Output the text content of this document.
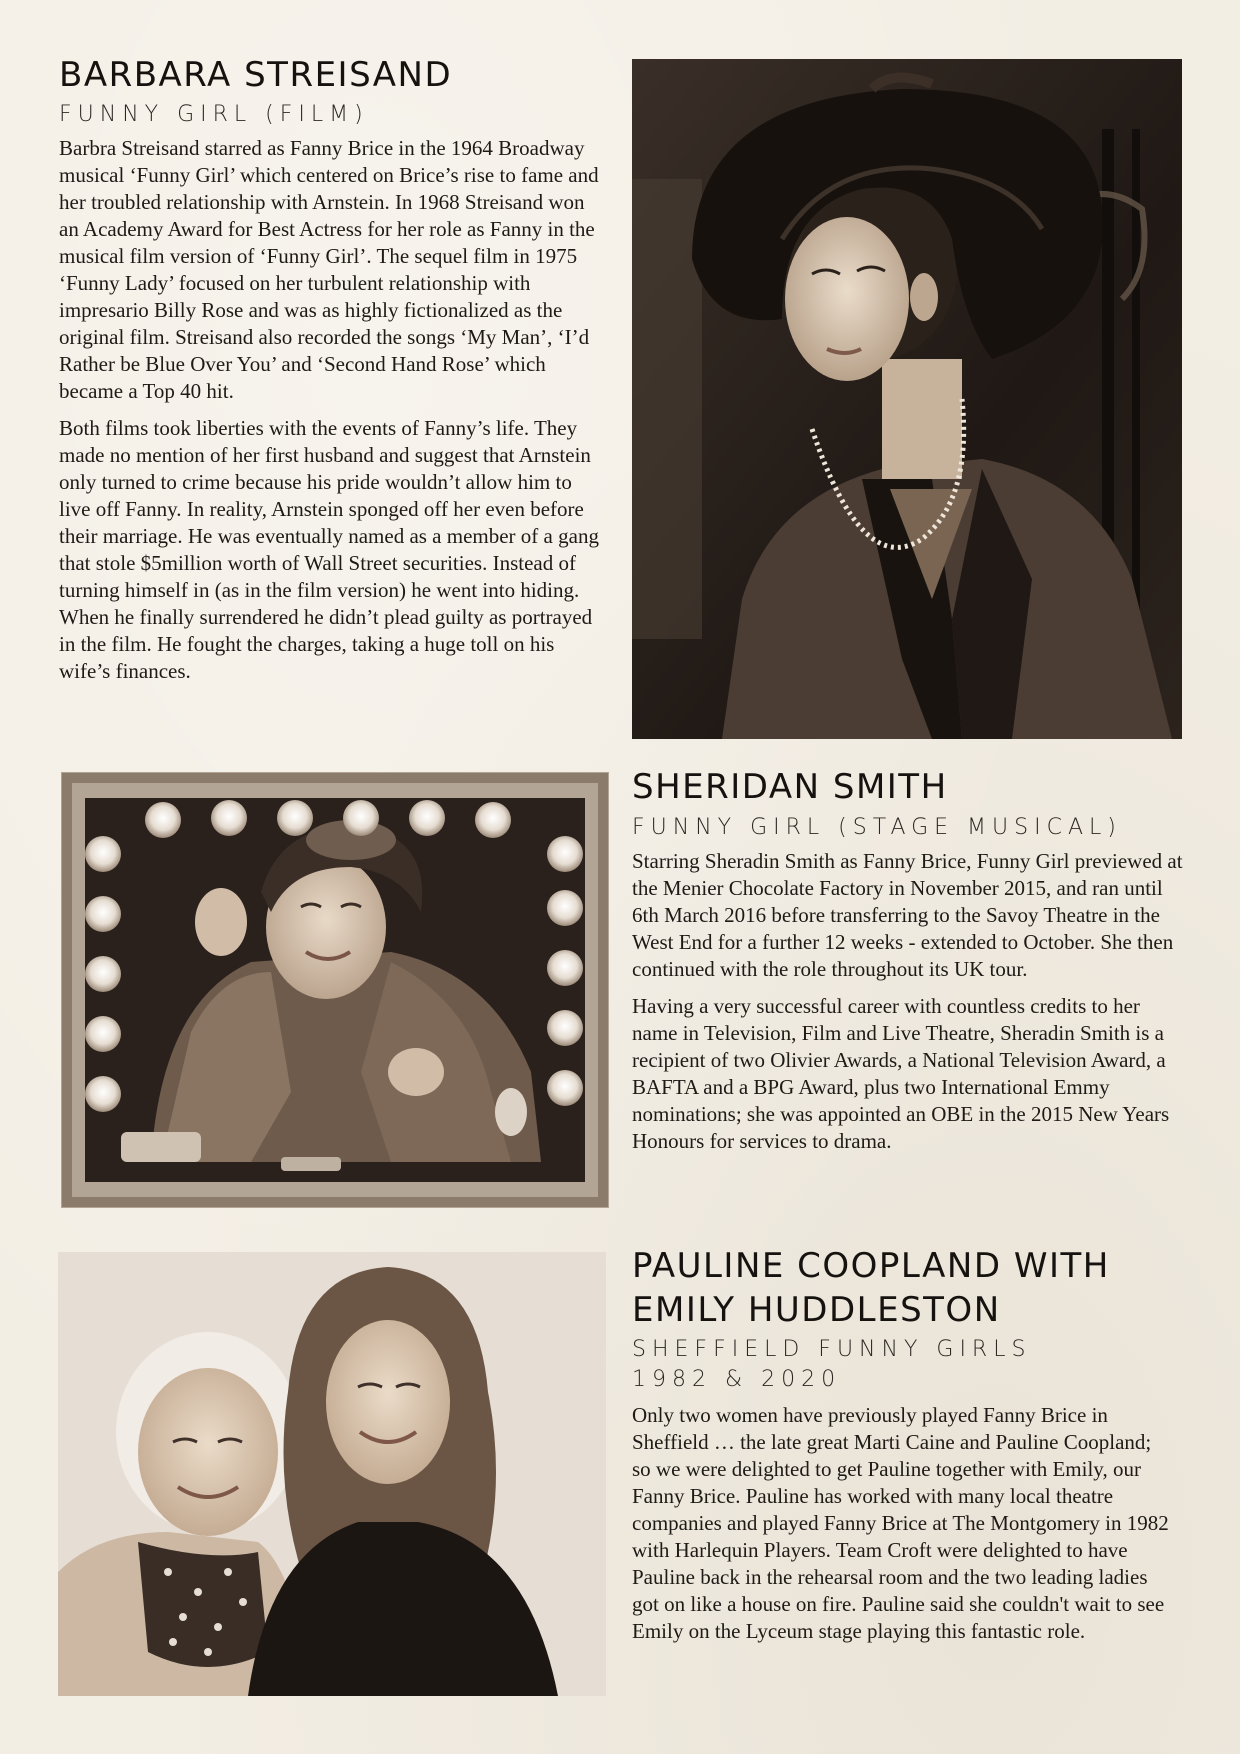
BARBARA STREISAND
FUNNY GIRL (FILM)

Barbra Streisand starred as Fanny Brice in the 1964 Broadway musical ‘Funny Girl’ which centered on Brice’s rise to fame and her troubled relationship with Arnstein. In 1968 Streisand won an Academy Award for Best Actress for her role as Fanny in the musical film version of ‘Funny Girl’. The sequel film in 1975 ‘Funny Lady’ focused on her turbulent relationship with impresario Billy Rose and was as highly fictionalized as the original film. Streisand also recorded the songs ‘My Man’, ‘I’d Rather be Blue Over You’ and ‘Second Hand Rose’ which became a Top 40 hit.

Both films took liberties with the events of Fanny’s life. They made no mention of her first husband and suggest that Arnstein only turned to crime because his pride wouldn’t allow him to live off Fanny. In reality, Arnstein sponged off her even before their marriage. He was eventually named as a member of a gang that stole $5million worth of Wall Street securities. Instead of turning himself in (as in the film version) he went into hiding. When he finally surrendered he didn’t plead guilty as portrayed in the film. He fought the charges, taking a huge toll on his wife’s finances.

SHERIDAN SMITH
FUNNY GIRL (STAGE MUSICAL)

Starring Sheradin Smith as Fanny Brice, Funny Girl previewed at the Menier Chocolate Factory in November 2015, and ran until 6th March 2016 before transferring to the Savoy Theatre in the West End for a further 12 weeks - extended to October. She then continued with the role throughout its UK tour.

Having a very successful career with countless credits to her name in Television, Film and Live Theatre, Sheradin Smith is a recipient of two Olivier Awards, a National Television Award, a BAFTA and a BPG Award, plus two International Emmy nominations; she was appointed an OBE in the 2015 New Years Honours for services to drama.

PAULINE COOPLAND WITH
EMILY HUDDLESTON
SHEFFIELD FUNNY GIRLS
1982 & 2020

Only two women have previously played Fanny Brice in Sheffield … the late great Marti Caine and Pauline Coopland; so we were delighted to get Pauline together with Emily, our Fanny Brice. Pauline has worked with many local theatre companies and played Fanny Brice at The Montgomery in 1982 with Harlequin Players. Team Croft were delighted to have Pauline back in the rehearsal room and the two leading ladies got on like a house on fire. Pauline said she couldn't wait to see Emily on the Lyceum stage playing this fantastic role.
